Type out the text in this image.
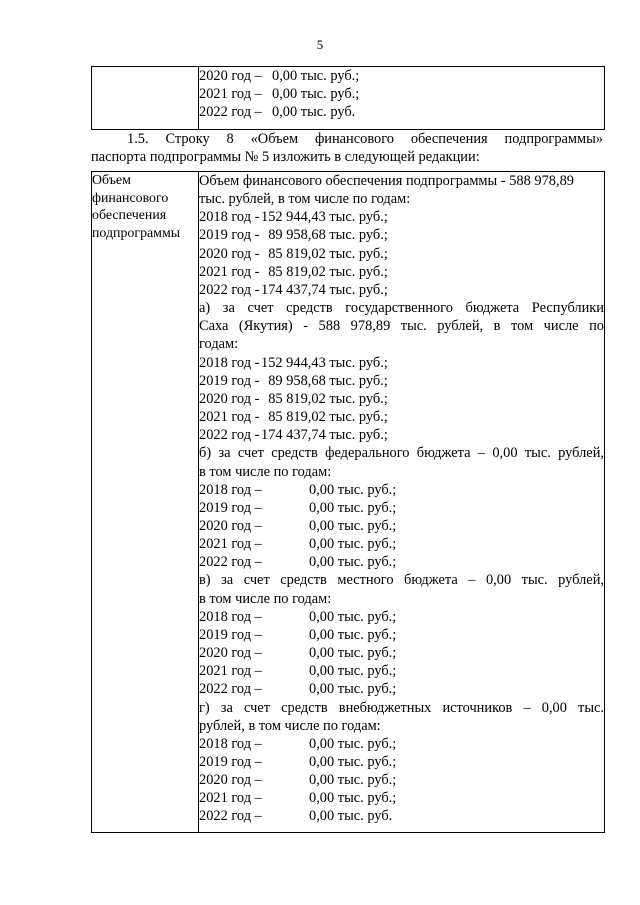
5

2020 год – 0,00 тыс. руб.;
2021 год – 0,00 тыс. руб.;
2022 год – 0,00 тыс. руб.
1.5. Строку 8 «Объем финансового обеспечения подпрограммы»
паспорта подпрограммы № 5 изложить в следующей редакции:
Объем
финансового
обеспечения
подпрограммы

Объем финансового обеспечения подпрограммы - 588 978,89
тыс. рублей, в том числе по годам:
2018 год - 152 944,43 тыс. руб.;
2019 год - 89 958,68 тыс. руб.;
2020 год - 85 819,02 тыс. руб.;
2021 год - 85 819,02 тыс. руб.;
2022 год - 174 437,74 тыс. руб.;
а) за счет средств государственного бюджета Республики
Саха (Якутия) - 588 978,89 тыс. рублей, в том числе по
годам:
2018 год - 152 944,43 тыс. руб.;
2019 год - 89 958,68 тыс. руб.;
2020 год - 85 819,02 тыс. руб.;
2021 год - 85 819,02 тыс. руб.;
2022 год - 174 437,74 тыс. руб.;
б) за счет средств федерального бюджета – 0,00 тыс. рублей,
в том числе по годам:
2018 год –	0,00 тыс. руб.;
2019 год –	0,00 тыс. руб.;
2020 год –	0,00 тыс. руб.;
2021 год –	0,00 тыс. руб.;
2022 год –	0,00 тыс. руб.;
в) за счет средств местного бюджета – 0,00 тыс. рублей,
в том числе по годам:
2018 год –	0,00 тыс. руб.;
2019 год –	0,00 тыс. руб.;
2020 год –	0,00 тыс. руб.;
2021 год –	0,00 тыс. руб.;
2022 год –	0,00 тыс. руб.;
г) за счет средств внебюджетных источников – 0,00 тыс.
рублей, в том числе по годам:
2018 год –	0,00 тыс. руб.;
2019 год –	0,00 тыс. руб.;
2020 год –	0,00 тыс. руб.;
2021 год –	0,00 тыс. руб.;
2022 год –	0,00 тыс. руб.
